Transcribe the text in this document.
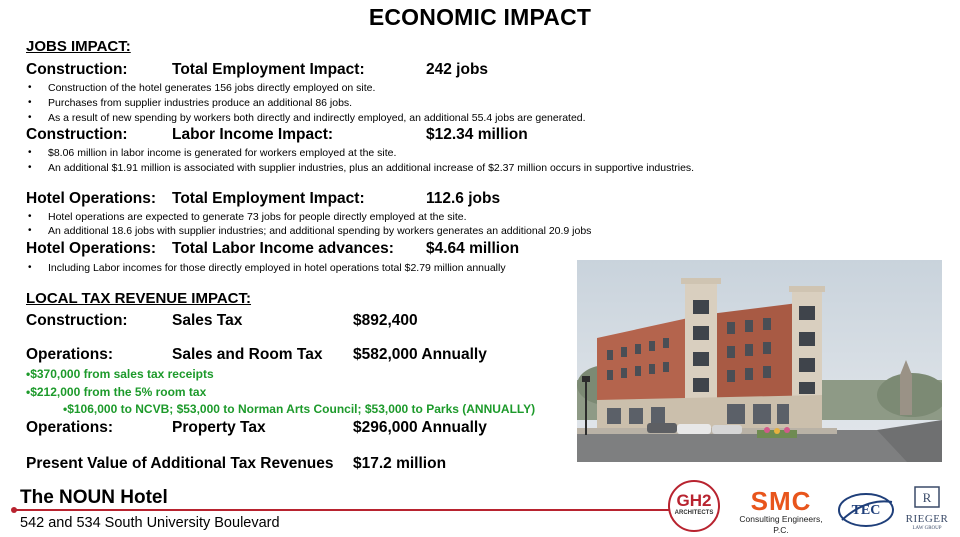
ECONOMIC IMPACT
JOBS IMPACT:
Construction:	Total Employment Impact:	242 jobs
Construction of the hotel generates 156 jobs directly employed on site.
Purchases from supplier industries produce an additional 86 jobs.
As a result of new spending by workers both directly and indirectly employed, an additional 55.4 jobs are generated.
Construction:	Labor Income Impact:	$12.34 million
$8.06 million in labor income is generated for workers employed at the site.
An additional $1.91 million is associated with supplier industries, plus an additional increase of $2.37 million occurs in supportive industries.
Hotel Operations: Total Employment Impact:	112.6 jobs
Hotel operations are expected to generate 73 jobs for people directly employed at the site.
An additional 18.6 jobs with supplier industries; and additional spending by workers generates an additional 20.9 jobs
Hotel Operations: Total Labor Income advances: $4.64 million
Including Labor incomes for those directly employed in hotel operations total $2.79 million annually
LOCAL TAX REVENUE IMPACT:
Construction:	Sales Tax	$892,400
Operations:	Sales and Room Tax $582,000 Annually
• $370,000 from sales tax receipts
• $212,000 from the 5% room tax
• $106,000 to NCVB; $53,000 to Norman Arts Council; $53,000 to Parks (ANNUALLY)
Operations:	Property Tax	$296,000 Annually
Present Value of Additional Tax Revenues $17.2 million
The NOUN Hotel
542 and 534 South University Boulevard
GH2
ARCHITECTS	SMC
Consulting Engineers, P.C.
TEC
R
RIEGER
LAW GROUP
